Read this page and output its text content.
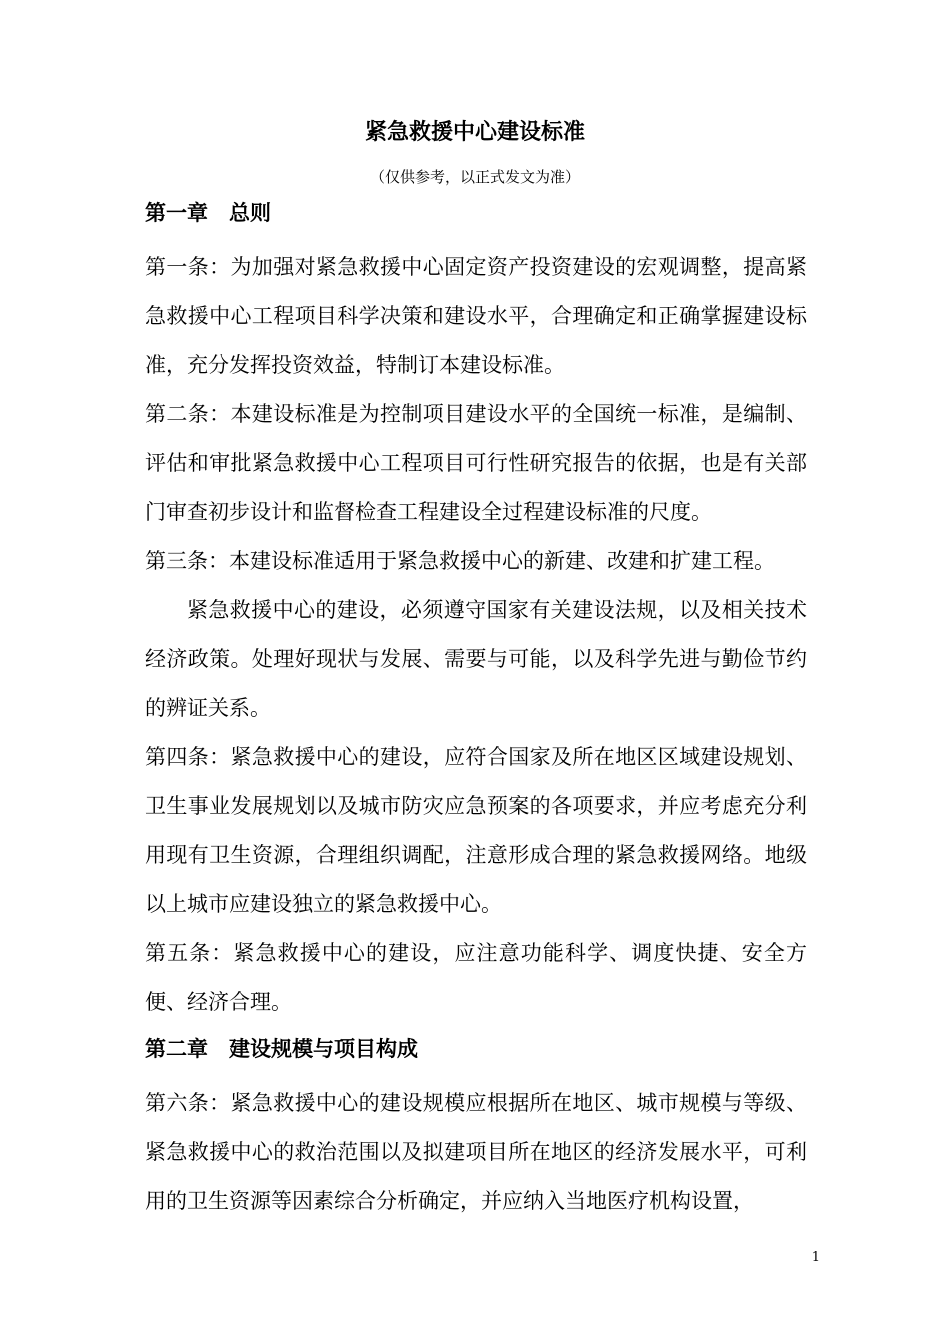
紧急救援中心建设标准
（仅供参考，以正式发文为准）
第一章　总则

第一条：为加强对紧急救援中心固定资产投资建设的宏观调整，提高紧急救援中心工程项目科学决策和建设水平，合理确定和正确掌握建设标准，充分发挥投资效益，特制订本建设标准。

第二条：本建设标准是为控制项目建设水平的全国统一标准，是编制、评估和审批紧急救援中心工程项目可行性研究报告的依据，也是有关部门审查初步设计和监督检查工程建设全过程建设标准的尺度。

第三条：本建设标准适用于紧急救援中心的新建、改建和扩建工程。

紧急救援中心的建设，必须遵守国家有关建设法规，以及相关技术经济政策。处理好现状与发展、需要与可能，以及科学先进与勤俭节约的辨证关系。

第四条：紧急救援中心的建设，应符合国家及所在地区区域建设规划、卫生事业发展规划以及城市防灾应急预案的各项要求，并应考虑充分利用现有卫生资源，合理组织调配，注意形成合理的紧急救援网络。地级以上城市应建设独立的紧急救援中心。

第五条：紧急救援中心的建设，应注意功能科学、调度快捷、安全方便、经济合理。

第二章　建设规模与项目构成

第六条：紧急救援中心的建设规模应根据所在地区、城市规模与等级、紧急救援中心的救治范围以及拟建项目所在地区的经济发展水平，可利用的卫生资源等因素综合分析确定，并应纳入当地医疗机构设置，

1
